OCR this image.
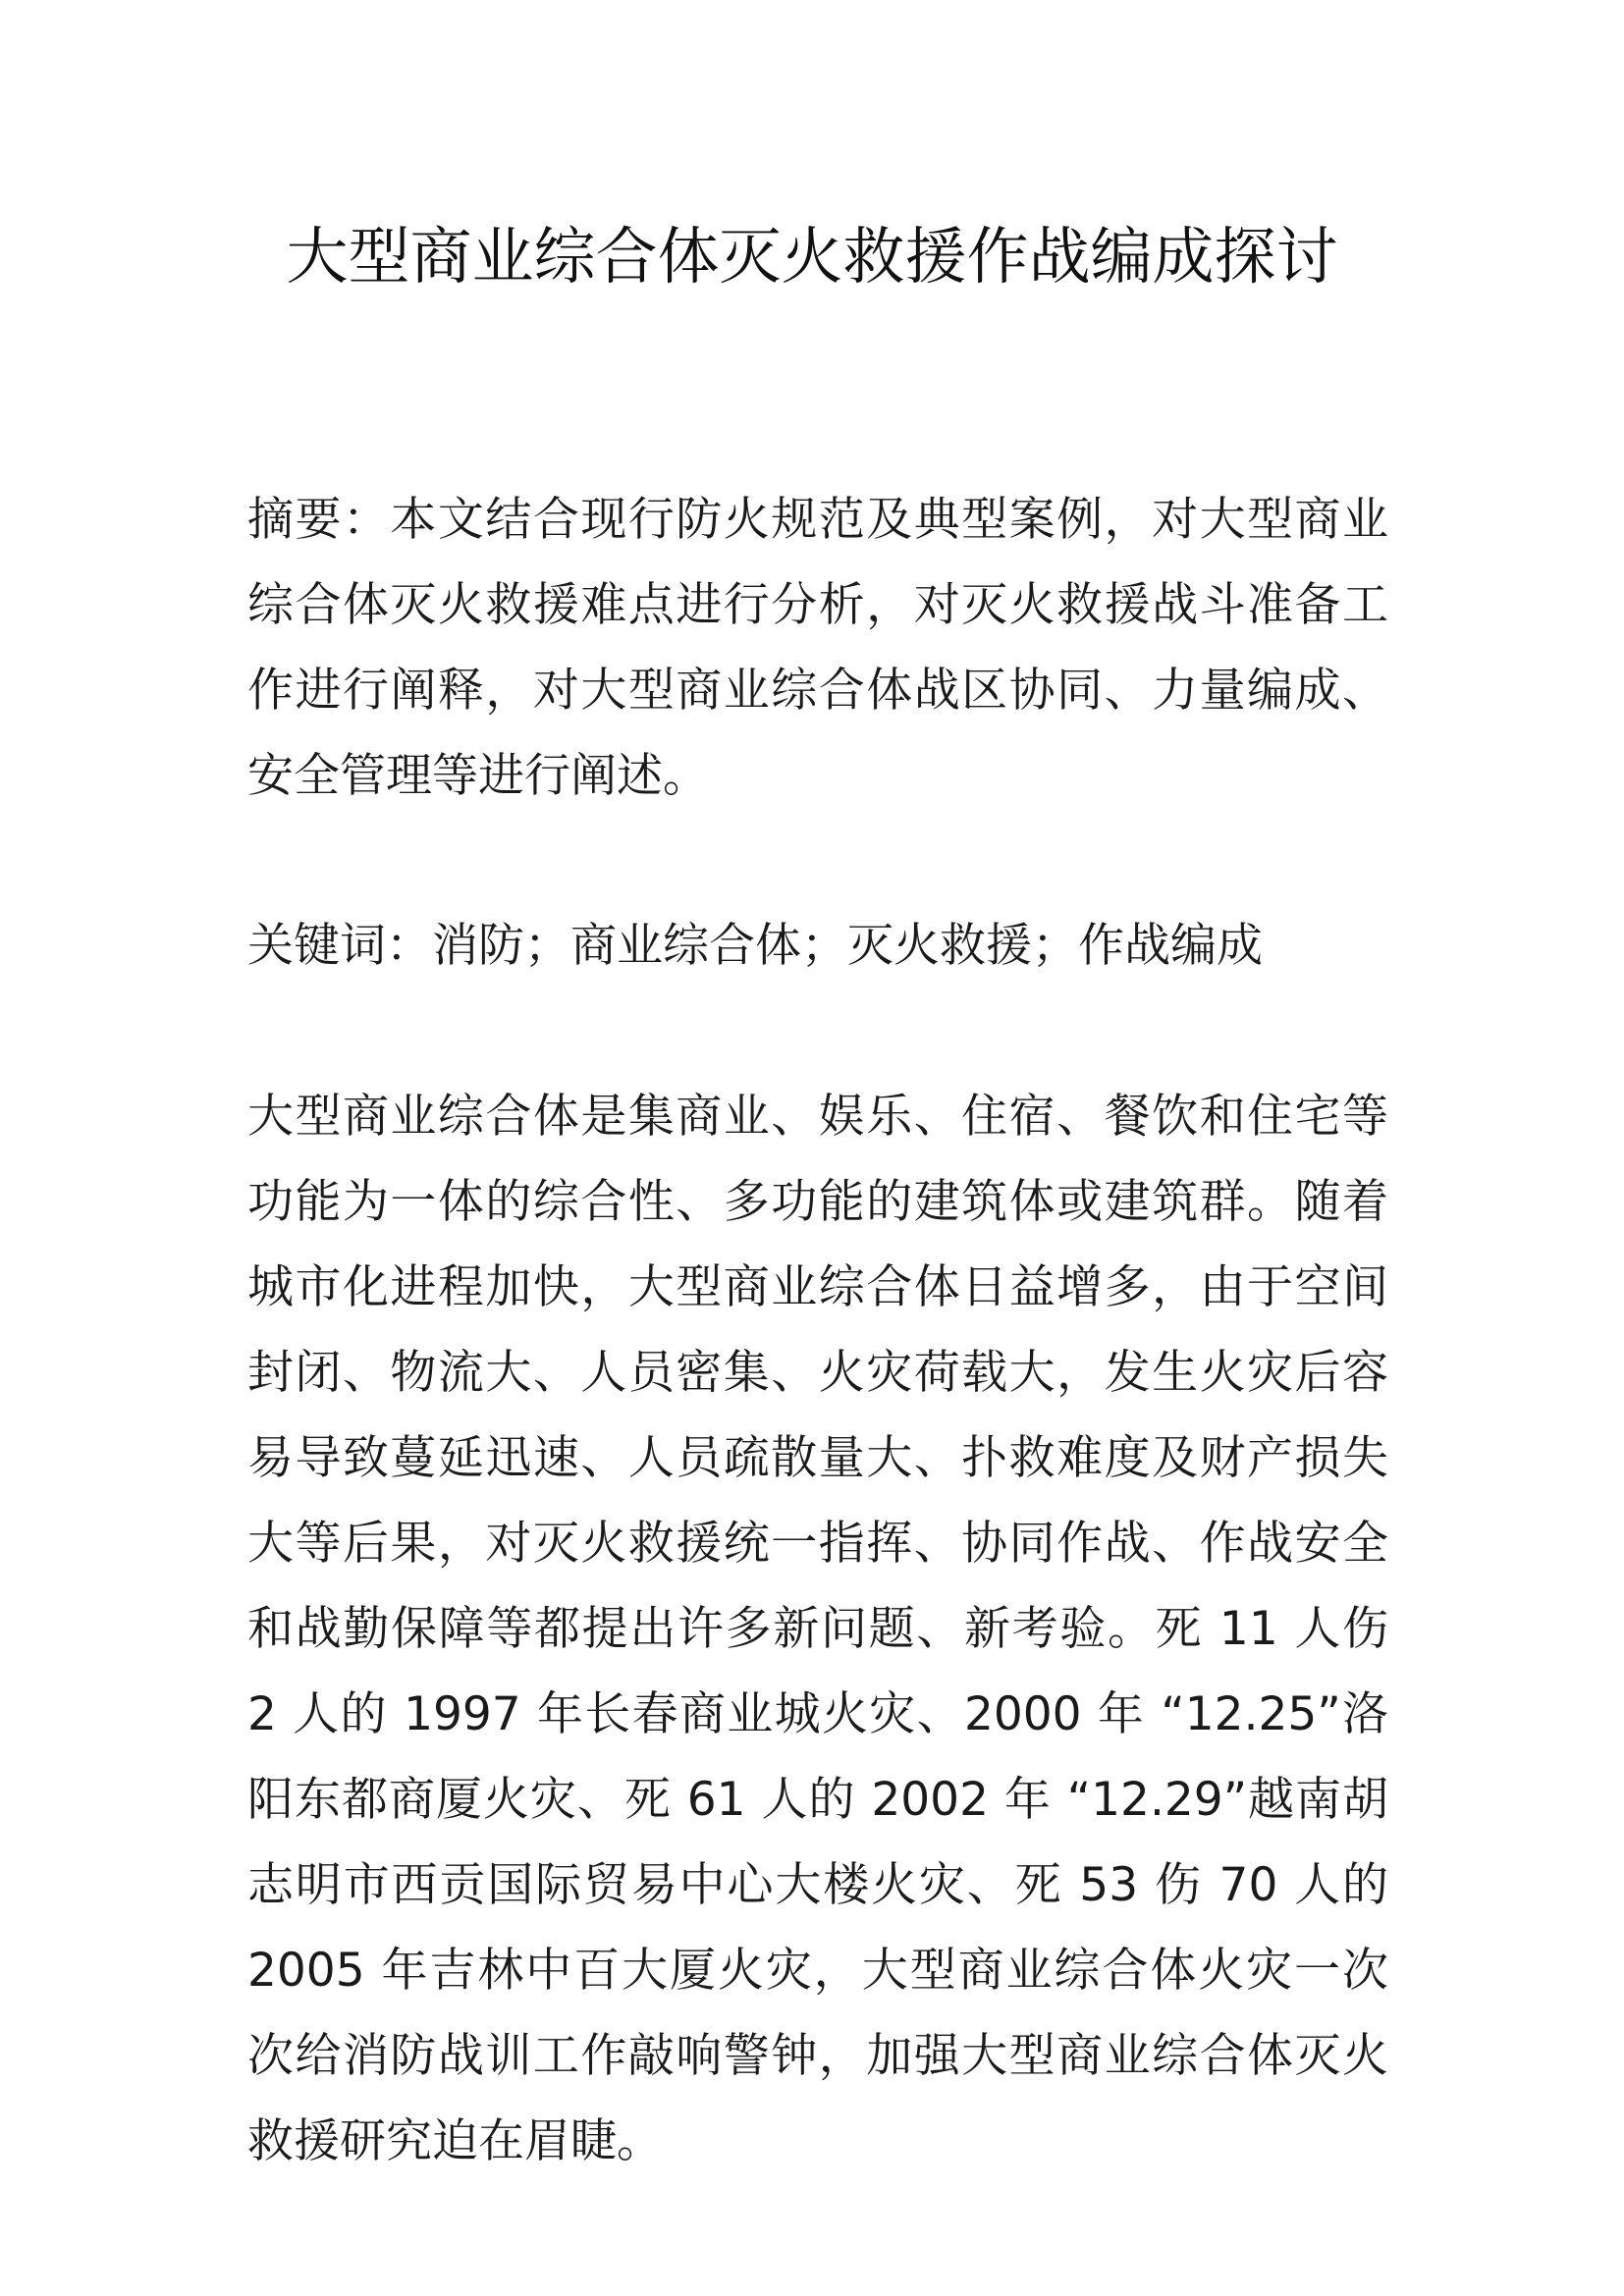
大型商业综合体灭火救援作战编成探讨

摘要：本文结合现行防火规范及典型案例，对大型商业综合体灭火救援难点进行分析，对灭火救援战斗准备工作进行阐释，对大型商业综合体战区协同、力量编成、安全管理等进行阐述。

关键词：消防；商业综合体；灭火救援；作战编成

大型商业综合体是集商业、娱乐、住宿、餐饮和住宅等功能为一体的综合性、多功能的建筑体或建筑群。随着城市化进程加快，大型商业综合体日益增多，由于空间封闭、物流大、人员密集、火灾荷载大，发生火灾后容易导致蔓延迅速、人员疏散量大、扑救难度及财产损失大等后果，对灭火救援统一指挥、协同作战、作战安全和战勤保障等都提出许多新问题、新考验。死 11 人伤 2 人的 1997 年长春商业城火灾、2000 年 “12.25”洛阳东都商厦火灾、死 61 人的 2002 年 “12.29”越南胡志明市西贡国际贸易中心大楼火灾、死 53 伤 70 人的 2005 年吉林中百大厦火灾，大型商业综合体火灾一次次给消防战训工作敲响警钟，加强大型商业综合体灭火救援研究迫在眉睫。
